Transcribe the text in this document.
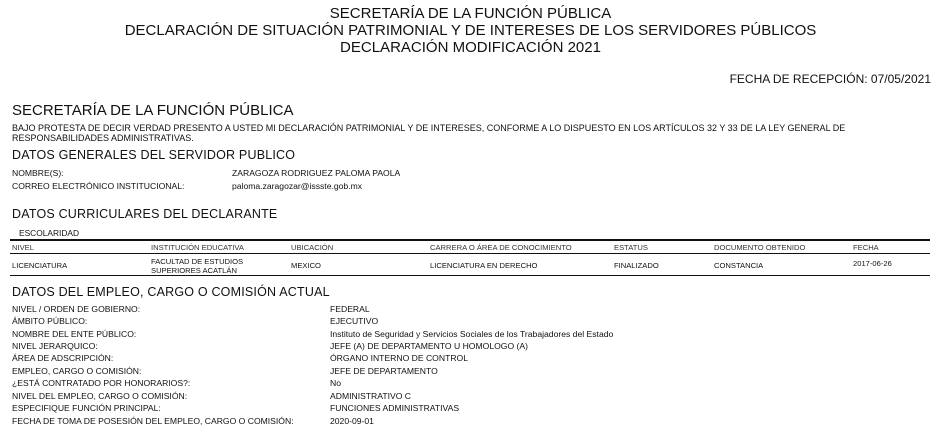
SECRETARÍA DE LA FUNCIÓN PÚBLICA
DECLARACIÓN DE SITUACIÓN PATRIMONIAL Y DE INTERESES DE LOS SERVIDORES PÚBLICOS
DECLARACIÓN MODIFICACIÓN 2021
FECHA DE RECEPCIÓN: 07/05/2021
SECRETARÍA DE LA FUNCIÓN PÚBLICA
BAJO PROTESTA DE DECIR VERDAD PRESENTO A USTED MI DECLARACIÓN PATRIMONIAL Y DE INTERESES, CONFORME A LO DISPUESTO EN LOS ARTÍCULOS 32 Y 33 DE LA LEY GENERAL DE RESPONSABILIDADES ADMINISTRATIVAS.
DATOS GENERALES DEL SERVIDOR PUBLICO
NOMBRE(S):	ZARAGOZA RODRIGUEZ PALOMA PAOLA
CORREO ELECTRÓNICO INSTITUCIONAL:	paloma.zaragozar@issste.gob.mx
DATOS CURRICULARES DEL DECLARANTE
ESCOLARIDAD
NIVEL	INSTITUCIÓN EDUCATIVA	UBICACIÓN	CARRERA O ÁREA DE CONOCIMIENTO	ESTATUS	DOCUMENTO OBTENIDO	FECHA
LICENCIATURA	FACULTAD DE ESTUDIOS SUPERIORES ACATLÁN	MEXICO	LICENCIATURA EN DERECHO	FINALIZADO	CONSTANCIA	2017-06-26
DATOS DEL EMPLEO, CARGO O COMISIÓN ACTUAL
NIVEL / ORDEN DE GOBIERNO:	FEDERAL
ÁMBITO PÚBLICO:	EJECUTIVO
NOMBRE DEL ENTE PÚBLICO:	Instituto de Seguridad y Servicios Sociales de los Trabajadores del Estado
NIVEL JERARQUICO:	JEFE (A) DE DEPARTAMENTO U HOMOLOGO (A)
ÁREA DE ADSCRIPCIÓN:	ÓRGANO INTERNO DE CONTROL
EMPLEO, CARGO O COMISIÓN:	JEFE DE DEPARTAMENTO
¿ESTÁ CONTRATADO POR HONORARIOS?:	No
NIVEL DEL EMPLEO, CARGO O COMISIÓN:	ADMINISTRATIVO C
ESPECIFIQUE FUNCIÓN PRINCIPAL:	FUNCIONES ADMINISTRATIVAS
FECHA DE TOMA DE POSESIÓN DEL EMPLEO, CARGO O COMISIÓN:	2020-09-01
